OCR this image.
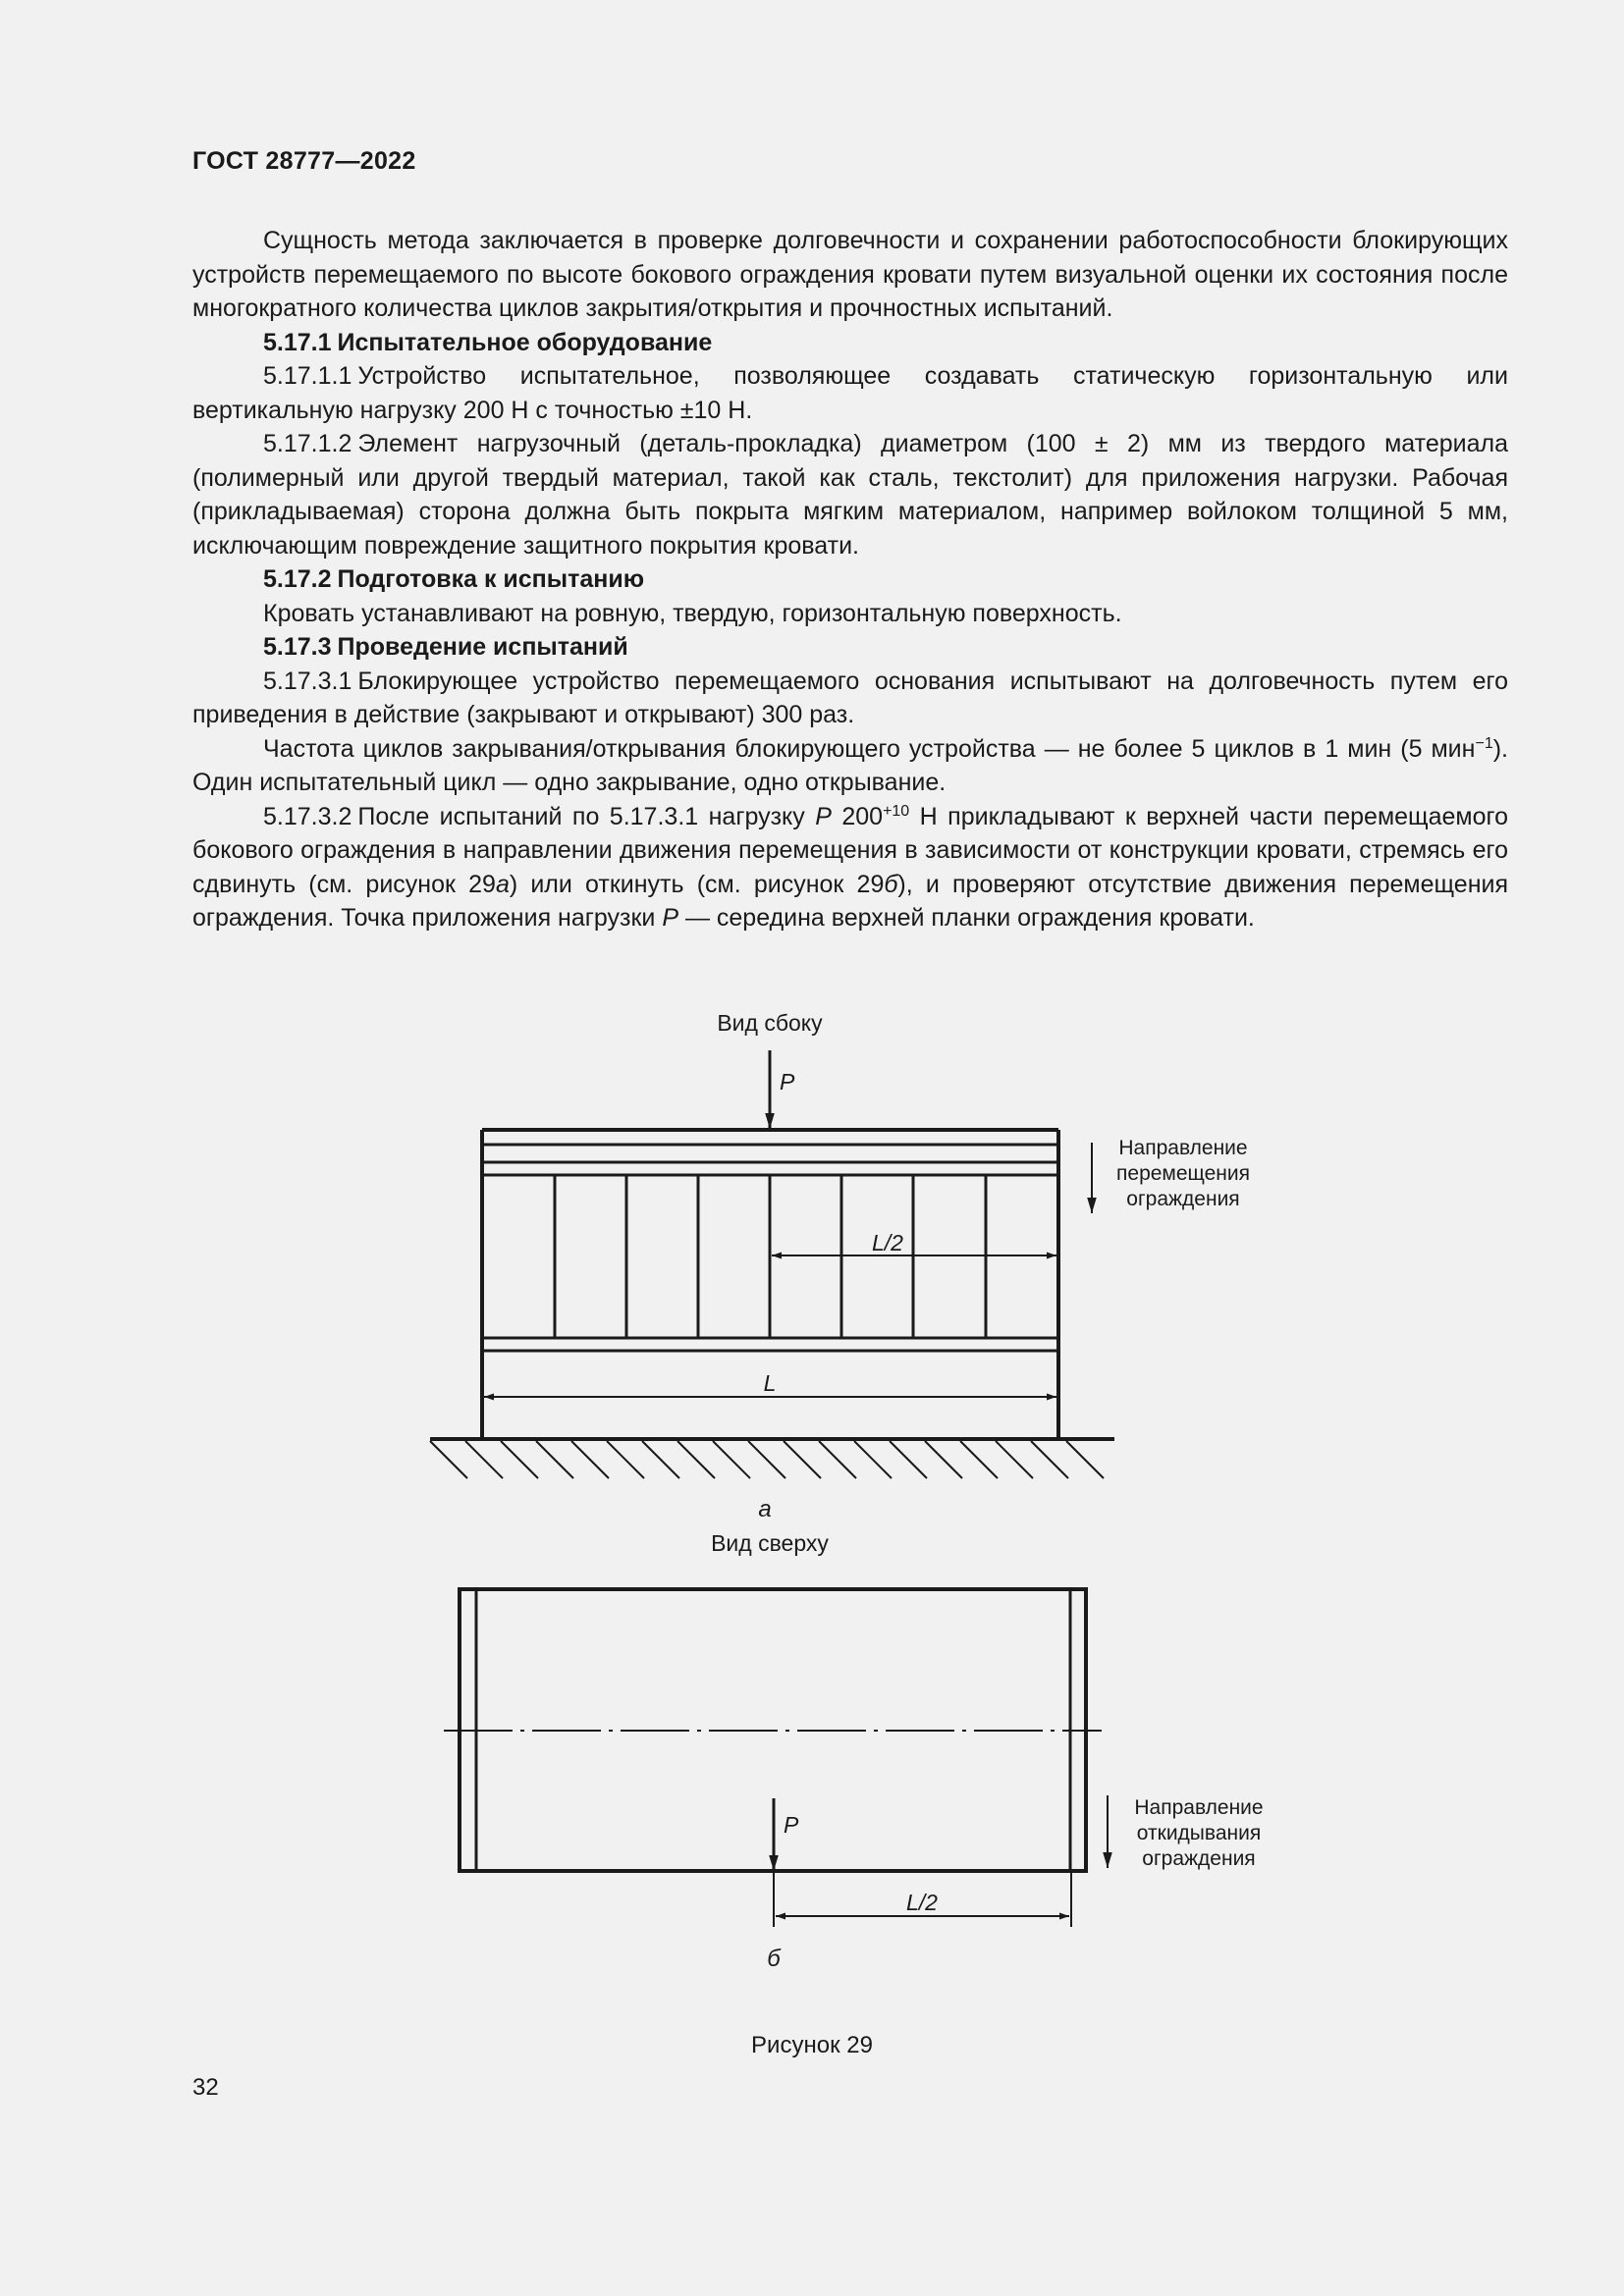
ГОСТ 28777—2022

Сущность метода заключается в проверке долговечности и сохранении работоспособности блокирующих устройств перемещаемого по высоте бокового ограждения кровати путем визуальной оценки их состояния после многократного количества циклов закрытия/открытия и прочностных испытаний.

5.17.1 Испытательное оборудование

5.17.1.1 Устройство испытательное, позволяющее создавать статическую горизонтальную или вертикальную нагрузку 200 Н с точностью ±10 Н.

5.17.1.2 Элемент нагрузочный (деталь-прокладка) диаметром (100 ± 2) мм из твердого материала (полимерный или другой твердый материал, такой как сталь, текстолит) для приложения нагрузки. Рабочая (прикладываемая) сторона должна быть покрыта мягким материалом, например войлоком толщиной 5 мм, исключающим повреждение защитного покрытия кровати.

5.17.2 Подготовка к испытанию

Кровать устанавливают на ровную, твердую, горизонтальную поверхность.

5.17.3 Проведение испытаний

5.17.3.1 Блокирующее устройство перемещаемого основания испытывают на долговечность путем его приведения в действие (закрывают и открывают) 300 раз.

Частота циклов закрывания/открывания блокирующего устройства — не более 5 циклов в 1 мин (5 мин$^{-1}$). Один испытательный цикл — одно закрывание, одно открывание.

5.17.3.2 После испытаний по 5.17.3.1 нагрузку P $200^{+10}$ Н прикладывают к верхней части перемещаемого бокового ограждения в направлении движения перемещения в зависимости от конструкции кровати, стремясь его сдвинуть (см. рисунок 29а) или откинуть (см. рисунок 29б), и проверяют отсутствие движения перемещения ограждения. Точка приложения нагрузки P — середина верхней планки ограждения кровати.

Вид сбоку
P
L/2
L
Направление
перемещения
ограждения
а
Вид сверху
P
L/2
Направление
откидывания
ограждения
б
Рисунок 29
32
